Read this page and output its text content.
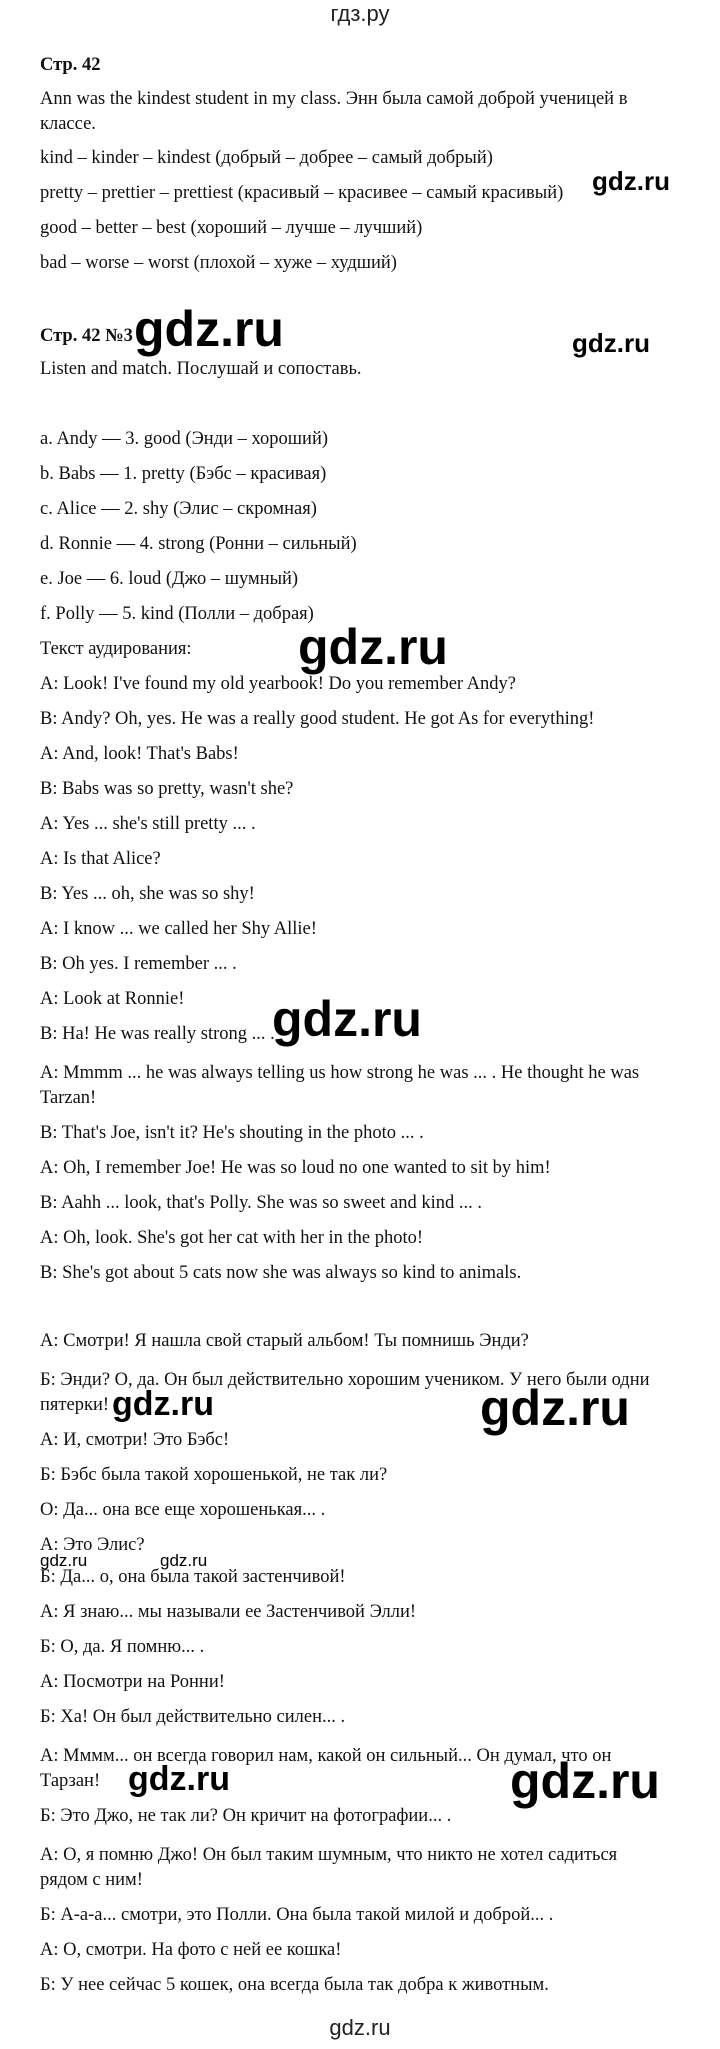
гдз.ру
Стр. 42
Ann was the kindest student in my class. Энн была самой доброй ученицей в
классе.
kind – kinder – kindest (добрый – добрее – самый добрый)
pretty – prettier – prettiest (красивый – красивее – самый красивый)
good – better – best (хороший – лучше – лучший)
bad – worse – worst (плохой – хуже – худший)
Стр. 42 №3
Listen and match. Послушай и сопоставь.
a. Andy — 3. good (Энди – хороший)
b. Babs — 1. pretty (Бэбс – красивая)
c. Alice — 2. shy (Элис – скромная)
d. Ronnie — 4. strong (Ронни – сильный)
e. Joe — 6. loud (Джо – шумный)
f. Polly — 5. kind (Полли – добрая)
Текст аудирования:
A: Look! I've found my old yearbook! Do you remember Andy?
B: Andy? Oh, yes. He was a really good student. He got As for everything!
A: And, look! That's Babs!
B: Babs was so pretty, wasn't she?
A: Yes ... she's still pretty ... .
A: Is that Alice?
B: Yes ... oh, she was so shy!
A: I know ... we called her Shy Allie!
B: Oh yes. I remember ... .
A: Look at Ronnie!
B: Ha! He was really strong ... .
A: Mmmm ... he was always telling us how strong he was ... . He thought he was
Tarzan!
B: That's Joe, isn't it? He's shouting in the photo ... .
A: Oh, I remember Joe! He was so loud no one wanted to sit by him!
B: Aahh ... look, that's Polly. She was so sweet and kind ... .
A: Oh, look. She's got her cat with her in the photo!
B: She's got about 5 cats now she was always so kind to animals.
А: Смотри! Я нашла свой старый альбом! Ты помнишь Энди?
Б: Энди? О, да. Он был действительно хорошим учеником. У него были одни
пятерки!
А: И, смотри! Это Бэбс!
Б: Бэбс была такой хорошенькой, не так ли?
О: Да... она все еще хорошенькая... .
А: Это Элис?
Б: Да... о, она была такой застенчивой!
А: Я знаю... мы называли ее Застенчивой Элли!
Б: О, да. Я помню... .
А: Посмотри на Ронни!
Б: Ха! Он был действительно силен... .
А: Мммм... он всегда говорил нам, какой он сильный... Он думал, что он
Тарзан!
Б: Это Джо, не так ли? Он кричит на фотографии... .
А: О, я помню Джо! Он был таким шумным, что никто не хотел садиться
рядом с ним!
Б: А-а-а... смотри, это Полли. Она была такой милой и доброй... .
А: О, смотри. На фото с ней ее кошка!
Б: У нее сейчас 5 кошек, она всегда была так добра к животным.
gdz.ru
gdz.ru	gdz.ru
gdz.ru
gdz.ru
gdz.ru	gdz.ru
gdz.ru	gdz.ru
gdz.ru	gdz.ru
gdz.ru
